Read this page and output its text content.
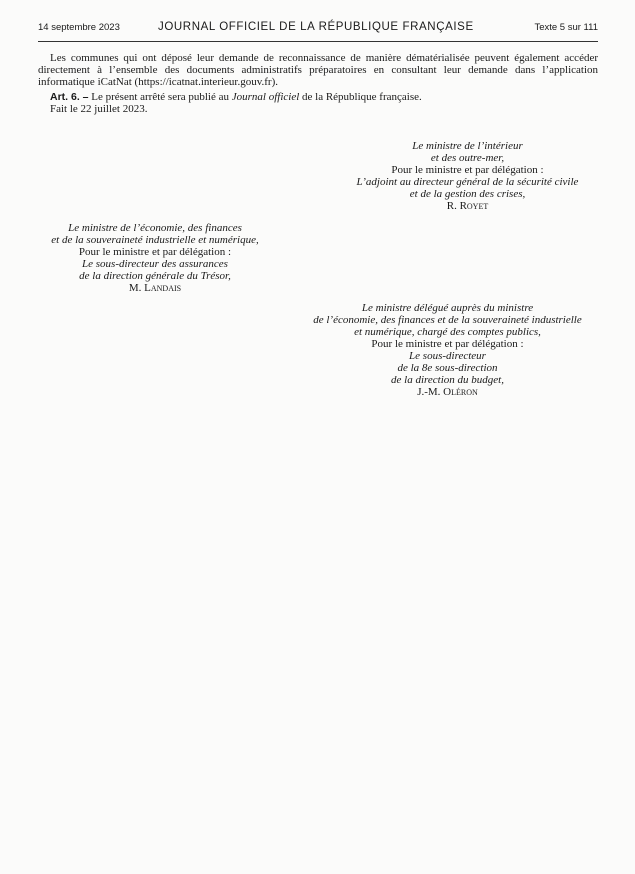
14 septembre 2023	JOURNAL OFFICIEL DE LA RÉPUBLIQUE FRANÇAISE	Texte 5 sur 111

Les communes qui ont déposé leur demande de reconnaissance de manière dématérialisée peuvent également accéder directement à l’ensemble des documents administratifs préparatoires en consultant leur demande dans l’application informatique iCatNat (https://icatnat.interieur.gouv.fr).

Art. 6. – Le présent arrêté sera publié au Journal officiel de la République française.

Fait le 22 juillet 2023.

Le ministre de l’intérieur
et des outre-mer,
Pour le ministre et par délégation :
L’adjoint au directeur général de la sécurité civile
et de la gestion des crises,
R. Royet
Le ministre de l’économie, des finances
et de la souveraineté industrielle et numérique,
Pour le ministre et par délégation :
Le sous-directeur des assurances
de la direction générale du Trésor,
M. Landais
Le ministre délégué auprès du ministre
de l’économie, des finances et de la souveraineté industrielle
et numérique, chargé des comptes publics,
Pour le ministre et par délégation :
Le sous-directeur
de la 8e sous-direction
de la direction du budget,
J.-M. Oléron
